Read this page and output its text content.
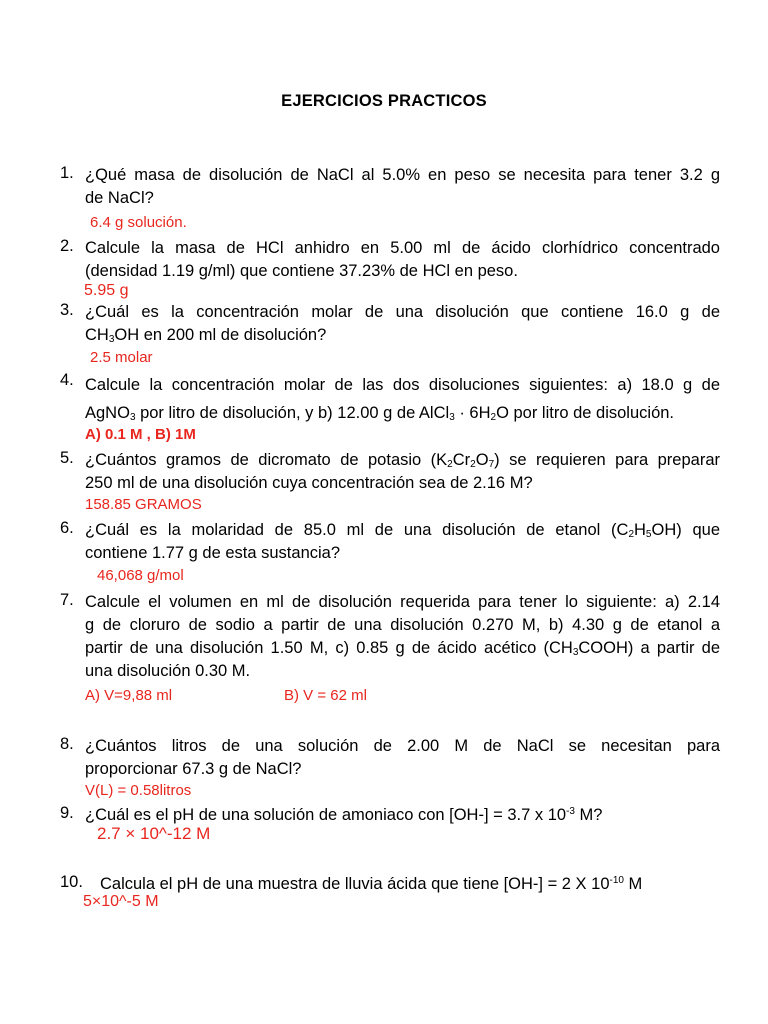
EJERCICIOS PRACTICOS
1. ¿Qué masa de disolución de NaCl al 5.0% en peso se necesita para tener 3.2 g
de NaCl?
6.4 g solución.
2. Calcule la masa de HCl anhidro en 5.00 ml de ácido clorhídrico concentrado
(densidad 1.19 g/ml) que contiene 37.23% de HCl en peso.
5.95 g
3. ¿Cuál es la concentración molar de una disolución que contiene 16.0 g de
$CH_3OH$ en 200 ml de disolución?
2.5 molar
4. Calcule la concentración molar de las dos disoluciones siguientes: a) 18.0 g de
AgNO$_3$ por litro de disolución, y b) 12.00 g de AlCl$_3$ · $6H_2O$ por litro de disolución.
A) 0.1 M , B) 1M
5. ¿Cuántos gramos de dicromato de potasio $(K_2Cr_2O_7)$ se requieren para preparar
250 ml de una disolución cuya concentración sea de 2.16 M?
158.85 GRAMOS
6. ¿Cuál es la molaridad de 85.0 ml de una disolución de etanol $(C_2H_5OH)$ que
contiene 1.77 g de esta sustancia?
46,068 g/mol
7. Calcule el volumen en ml de disolución requerida para tener lo siguiente: a) 2.14
g de cloruro de sodio a partir de una disolución 0.270 M, b) 4.30 g de etanol a
partir de una disolución 1.50 M, c) 0.85 g de ácido acético $(CH_3COOH)$ a partir de
una disolución 0.30 M.
A) V=9,88 ml	B) V = 62 ml
8. ¿Cuántos litros de una solución de 2.00 M de NaCl se necesitan para
proporcionar 67.3 g de NaCl?
V(L) = 0.58litros
9. ¿Cuál es el pH de una solución de amoniaco con [OH-] = 3.7 x $10^{-3}$ M?
2.7 × 10^-12 M
10.	Calcula el pH de una muestra de lluvia ácida que tiene [OH-] = 2 X $10^{-10}$ M
5×10^-5 M
